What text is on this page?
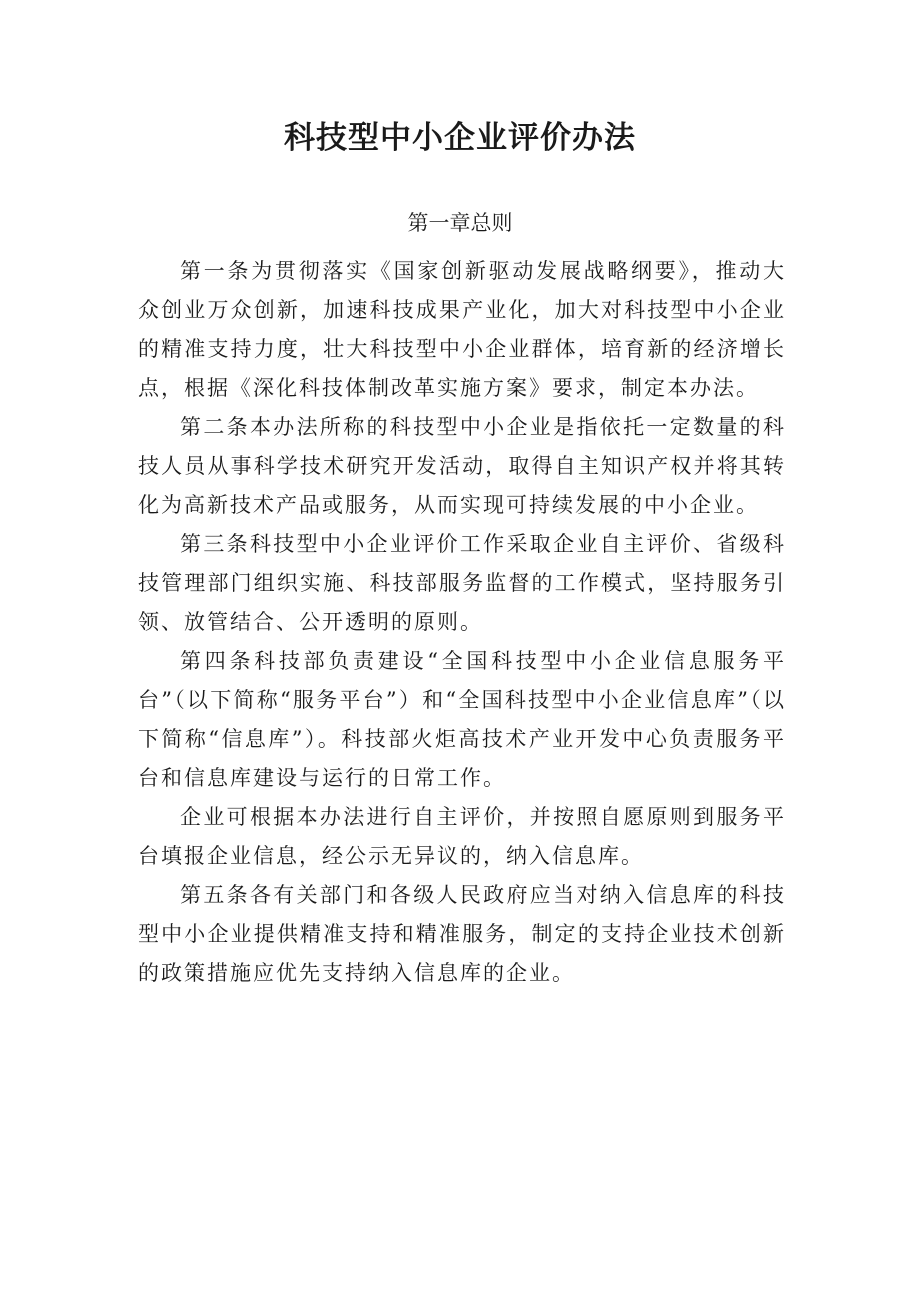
科技型中小企业评价办法
第一章总则

第一条为贯彻落实《国家创新驱动发展战略纲要》，推动大众创业万众创新，加速科技成果产业化，加大对科技型中小企业的精准支持力度，壮大科技型中小企业群体，培育新的经济增长点，根据《深化科技体制改革实施方案》要求，制定本办法。

第二条本办法所称的科技型中小企业是指依托一定数量的科技人员从事科学技术研究开发活动，取得自主知识产权并将其转化为高新技术产品或服务，从而实现可持续发展的中小企业。

第三条科技型中小企业评价工作采取企业自主评价、省级科技管理部门组织实施、科技部服务监督的工作模式，坚持服务引领、放管结合、公开透明的原则。

第四条科技部负责建设“全国科技型中小企业信息服务平台”（以下简称“服务平台”）和“全国科技型中小企业信息库”（以下简称“信息库”）。科技部火炬高技术产业开发中心负责服务平台和信息库建设与运行的日常工作。

企业可根据本办法进行自主评价，并按照自愿原则到服务平台填报企业信息，经公示无异议的，纳入信息库。

第五条各有关部门和各级人民政府应当对纳入信息库的科技型中小企业提供精准支持和精准服务，制定的支持企业技术创新的政策措施应优先支持纳入信息库的企业。
